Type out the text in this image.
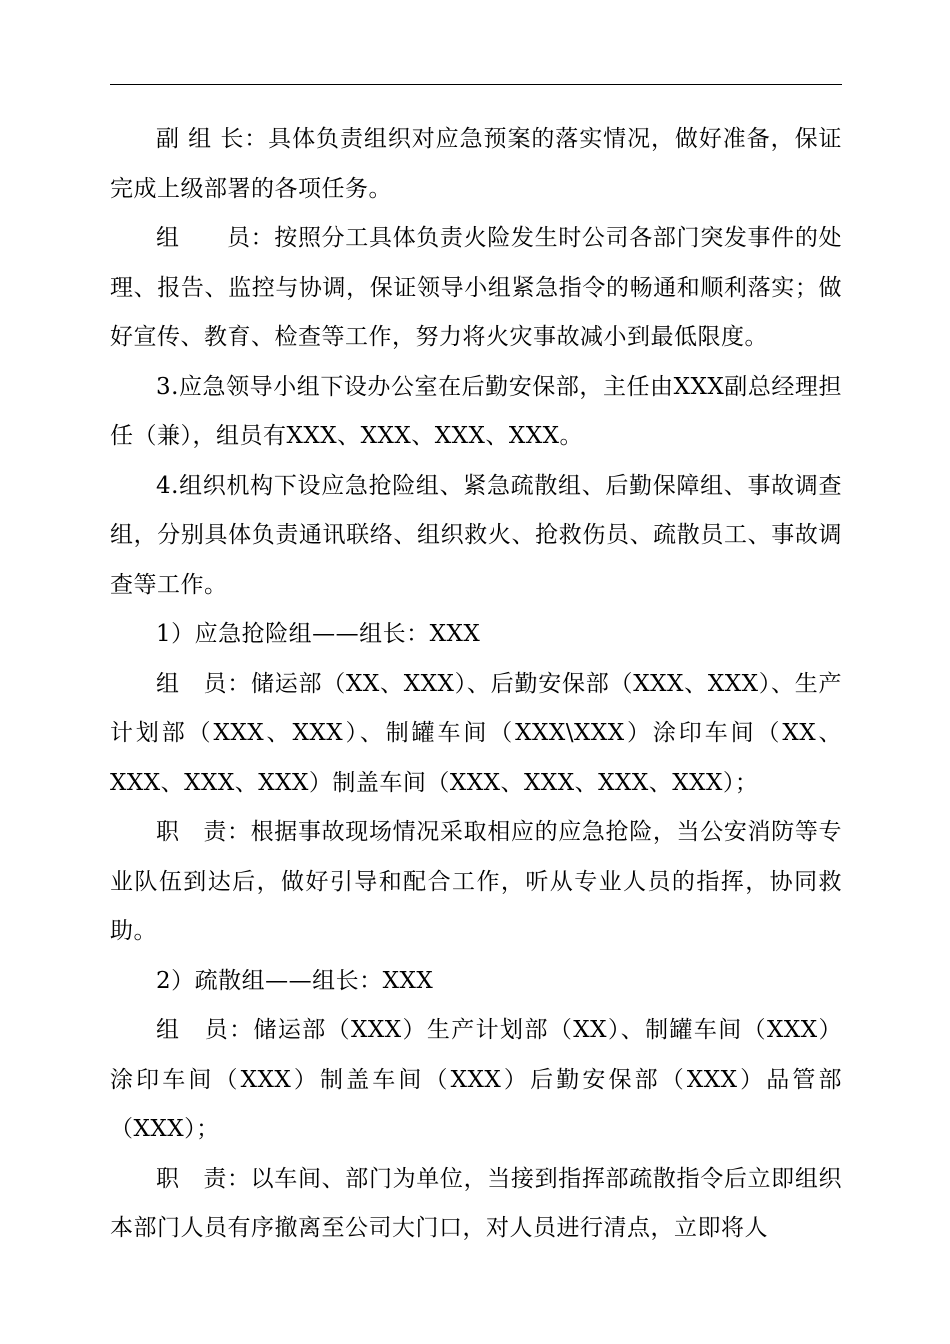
副 组 长：具体负责组织对应急预案的落实情况，做好准备，保证完成上级部署的各项任务。

组　　员：按照分工具体负责火险发生时公司各部门突发事件的处理、报告、监控与协调，保证领导小组紧急指令的畅通和顺利落实；做好宣传、教育、检查等工作，努力将火灾事故减小到最低限度。

3.应急领导小组下设办公室在后勤安保部，主任由XXX副总经理担任（兼），组员有XXX、XXX、XXX、XXX。

4.组织机构下设应急抢险组、紧急疏散组、后勤保障组、事故调查组，分别具体负责通讯联络、组织救火、抢救伤员、疏散员工、事故调查等工作。

1）应急抢险组——组长：XXX

组　员：储运部（XX、XXX）、后勤安保部（XXX、XXX）、生产计划部（XXX、XXX）、制罐车间（XXX\XXX）涂印车间（XX、XXX、XXX、XXX）制盖车间（XXX、XXX、XXX、XXX）；

职　责：根据事故现场情况采取相应的应急抢险，当公安消防等专业队伍到达后，做好引导和配合工作，听从专业人员的指挥，协同救助。

2）疏散组——组长：XXX

组　员：储运部（XXX）生产计划部（XX）、制罐车间（XXX）涂印车间（XXX）制盖车间（XXX）后勤安保部（XXX）品管部（XXX）；

职　责：以车间、部门为单位，当接到指挥部疏散指令后立即组织本部门人员有序撤离至公司大门口，对人员进行清点，立即将人
